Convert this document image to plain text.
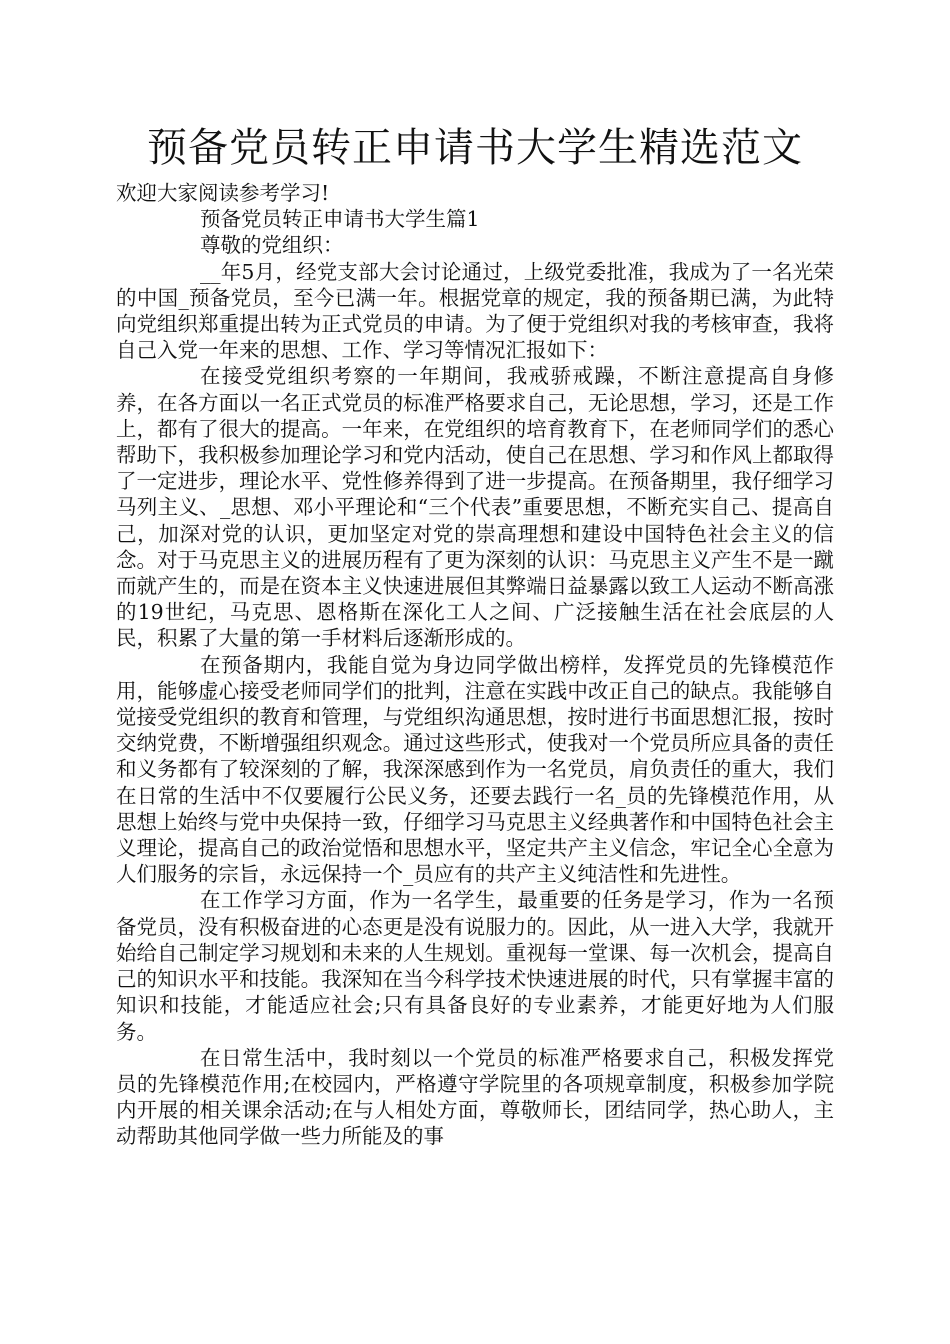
预备党员转正申请书大学生精选范文

欢迎大家阅读参考学习!

预备党员转正申请书大学生篇1

尊敬的党组织：

__年5月，经党支部大会讨论通过，上级党委批准，我成为了一名光荣的中国_预备党员，至今已满一年。根据党章的规定，我的预备期已满，为此特向党组织郑重提出转为正式党员的申请。为了便于党组织对我的考核审查，我将自己入党一年来的思想、工作、学习等情况汇报如下：

在接受党组织考察的一年期间，我戒骄戒躁，不断注意提高自身修养，在各方面以一名正式党员的标准严格要求自己，无论思想，学习，还是工作上，都有了很大的提高。一年来，在党组织的培育教育下，在老师同学们的悉心帮助下，我积极参加理论学习和党内活动，使自己在思想、学习和作风上都取得了一定进步，理论水平、党性修养得到了进一步提高。在预备期里，我仔细学习马列主义、_思想、邓小平理论和“三个代表”重要思想，不断充实自己、提高自己，加深对党的认识，更加坚定对党的崇高理想和建设中国特色社会主义的信念。对于马克思主义的进展历程有了更为深刻的认识：马克思主义产生不是一蹴而就产生的，而是在资本主义快速进展但其弊端日益暴露以致工人运动不断高涨的19世纪，马克思、恩格斯在深化工人之间、广泛接触生活在社会底层的人民，积累了大量的第一手材料后逐渐形成的。

在预备期内，我能自觉为身边同学做出榜样，发挥党员的先锋模范作用，能够虚心接受老师同学们的批判，注意在实践中改正自己的缺点。我能够自觉接受党组织的教育和管理，与党组织沟通思想，按时进行书面思想汇报，按时交纳党费，不断增强组织观念。通过这些形式，使我对一个党员所应具备的责任和义务都有了较深刻的了解，我深深感到作为一名党员，肩负责任的重大，我们在日常的生活中不仅要履行公民义务，还要去践行一名_员的先锋模范作用，从思想上始终与党中央保持一致，仔细学习马克思主义经典著作和中国特色社会主义理论，提高自己的政治觉悟和思想水平，坚定共产主义信念，牢记全心全意为人们服务的宗旨，永远保持一个_员应有的共产主义纯洁性和先进性。

在工作学习方面，作为一名学生，最重要的任务是学习，作为一名预备党员，没有积极奋进的心态更是没有说服力的。因此，从一进入大学，我就开始给自己制定学习规划和未来的人生规划。重视每一堂课、每一次机会，提高自己的知识水平和技能。我深知在当今科学技术快速进展的时代，只有掌握丰富的知识和技能，才能适应社会;只有具备良好的专业素养，才能更好地为人们服务。

在日常生活中，我时刻以一个党员的标准严格要求自己，积极发挥党员的先锋模范作用;在校园内，严格遵守学院里的各项规章制度，积极参加学院内开展的相关课余活动;在与人相处方面，尊敬师长，团结同学，热心助人，主动帮助其他同学做一些力所能及的事
